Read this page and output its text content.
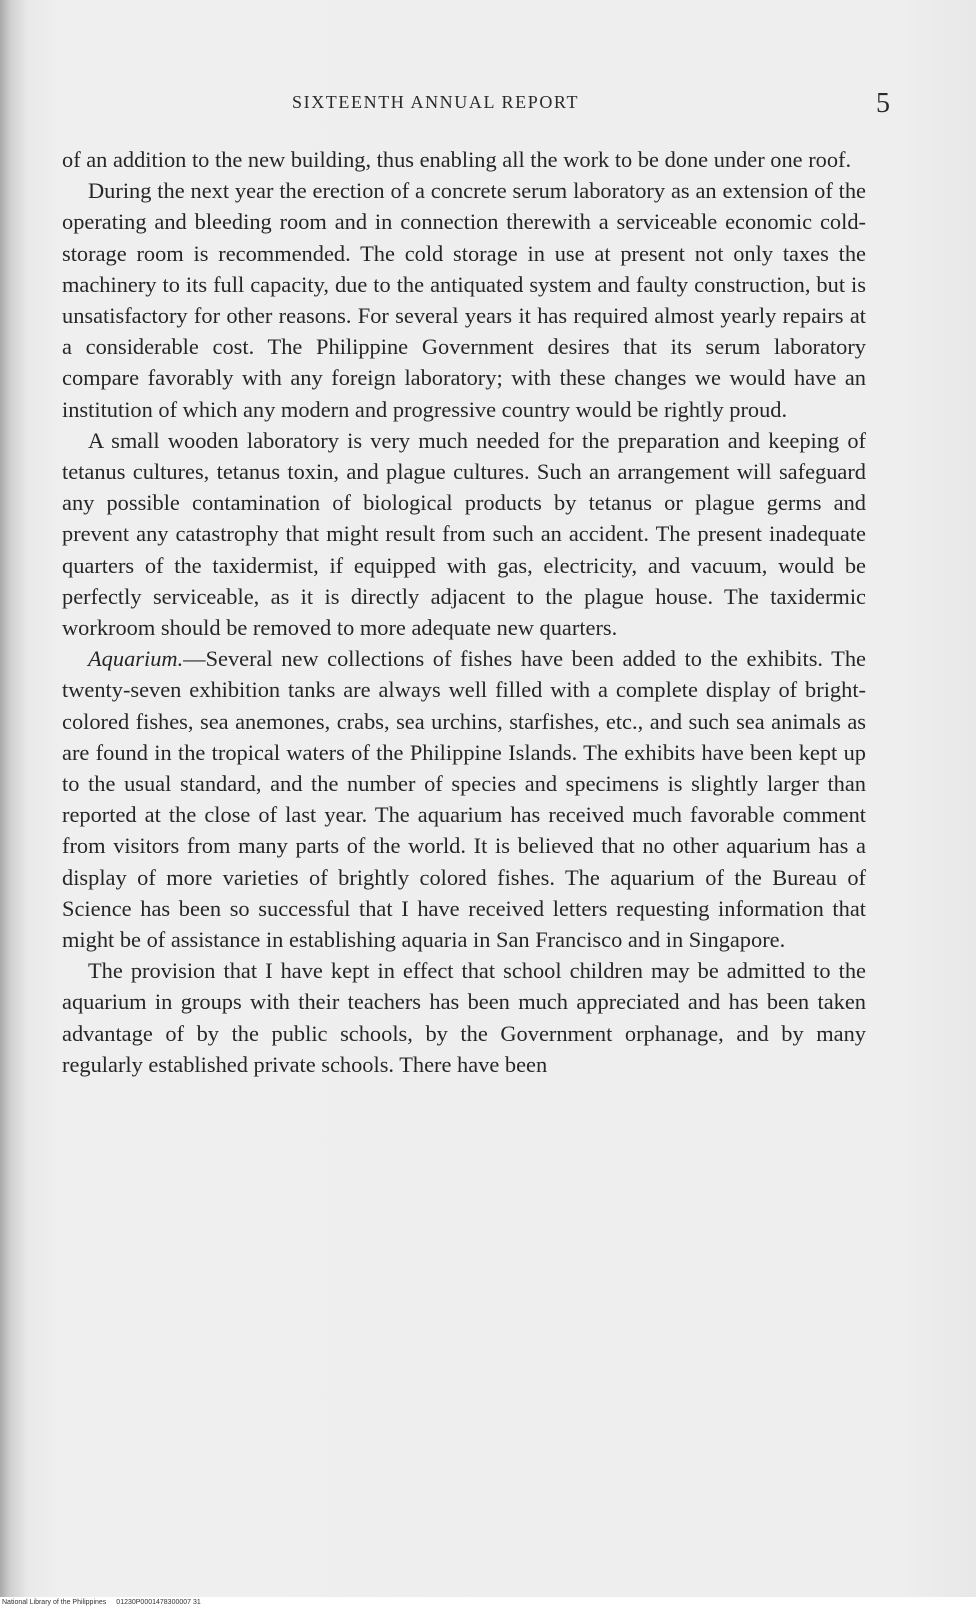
SIXTEENTH ANNUAL REPORT	5

of an addition to the new building, thus enabling all the work to be done under one roof.

During the next year the erection of a concrete serum laboratory as an extension of the operating and bleeding room and in connection therewith a serviceable economic cold-storage room is recommended. The cold storage in use at present not only taxes the machinery to its full capacity, due to the antiquated system and faulty construction, but is unsatisfactory for other reasons. For several years it has required almost yearly repairs at a considerable cost. The Philippine Government desires that its serum laboratory compare favorably with any foreign laboratory; with these changes we would have an institution of which any modern and progressive country would be rightly proud.

A small wooden laboratory is very much needed for the preparation and keeping of tetanus cultures, tetanus toxin, and plague cultures. Such an arrangement will safeguard any possible contamination of biological products by tetanus or plague germs and prevent any catastrophy that might result from such an accident. The present inadequate quarters of the taxidermist, if equipped with gas, electricity, and vacuum, would be perfectly serviceable, as it is directly adjacent to the plague house. The taxidermic workroom should be removed to more adequate new quarters.

Aquarium.—Several new collections of fishes have been added to the exhibits. The twenty-seven exhibition tanks are always well filled with a complete display of bright-colored fishes, sea anemones, crabs, sea urchins, starfishes, etc., and such sea animals as are found in the tropical waters of the Philippine Islands. The exhibits have been kept up to the usual standard, and the number of species and specimens is slightly larger than reported at the close of last year. The aquarium has received much favorable comment from visitors from many parts of the world. It is believed that no other aquarium has a display of more varieties of brightly colored fishes. The aquarium of the Bureau of Science has been so successful that I have received letters requesting information that might be of assistance in establishing aquaria in San Francisco and in Singapore.

The provision that I have kept in effect that school children may be admitted to the aquarium in groups with their teachers has been much appreciated and has been taken advantage of by the public schools, by the Government orphanage, and by many regularly established private schools. There have been

National Library of the Philippines 01230P0001478300007 31
